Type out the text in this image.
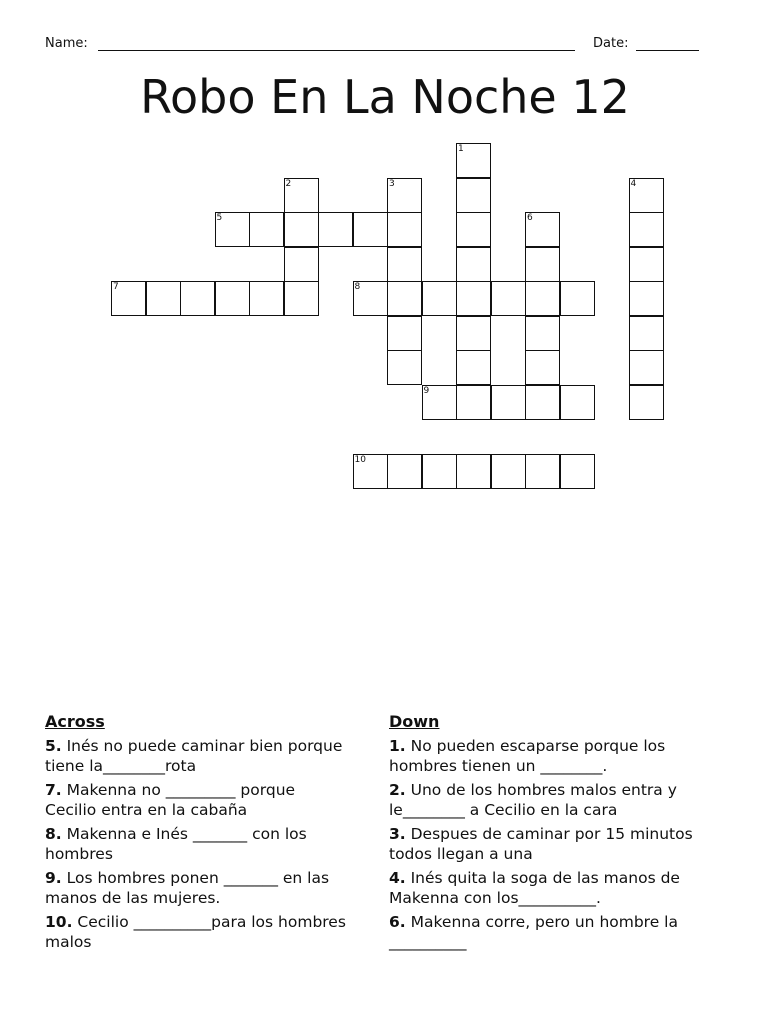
Name:	Date:
Robo En La Noche 12
1
2	3	4
5	6
7	8
9
10
Across
5. Inés no puede caminar bien porque tiene la________rota
7. Makenna no _________ porque Cecilio entra en la cabaña
8. Makenna e Inés _______ con los hombres
9. Los hombres ponen _______ en las manos de las mujeres.
10. Cecilio __________para los hombres malos
Down
1. No pueden escaparse porque los hombres tienen un ________.
2. Uno de los hombres malos entra y le________ a Cecilio en la cara
3. Despues de caminar por 15 minutos todos llegan a una
4. Inés quita la soga de las manos de Makenna con los__________.
6. Makenna corre, pero un hombre la __________
